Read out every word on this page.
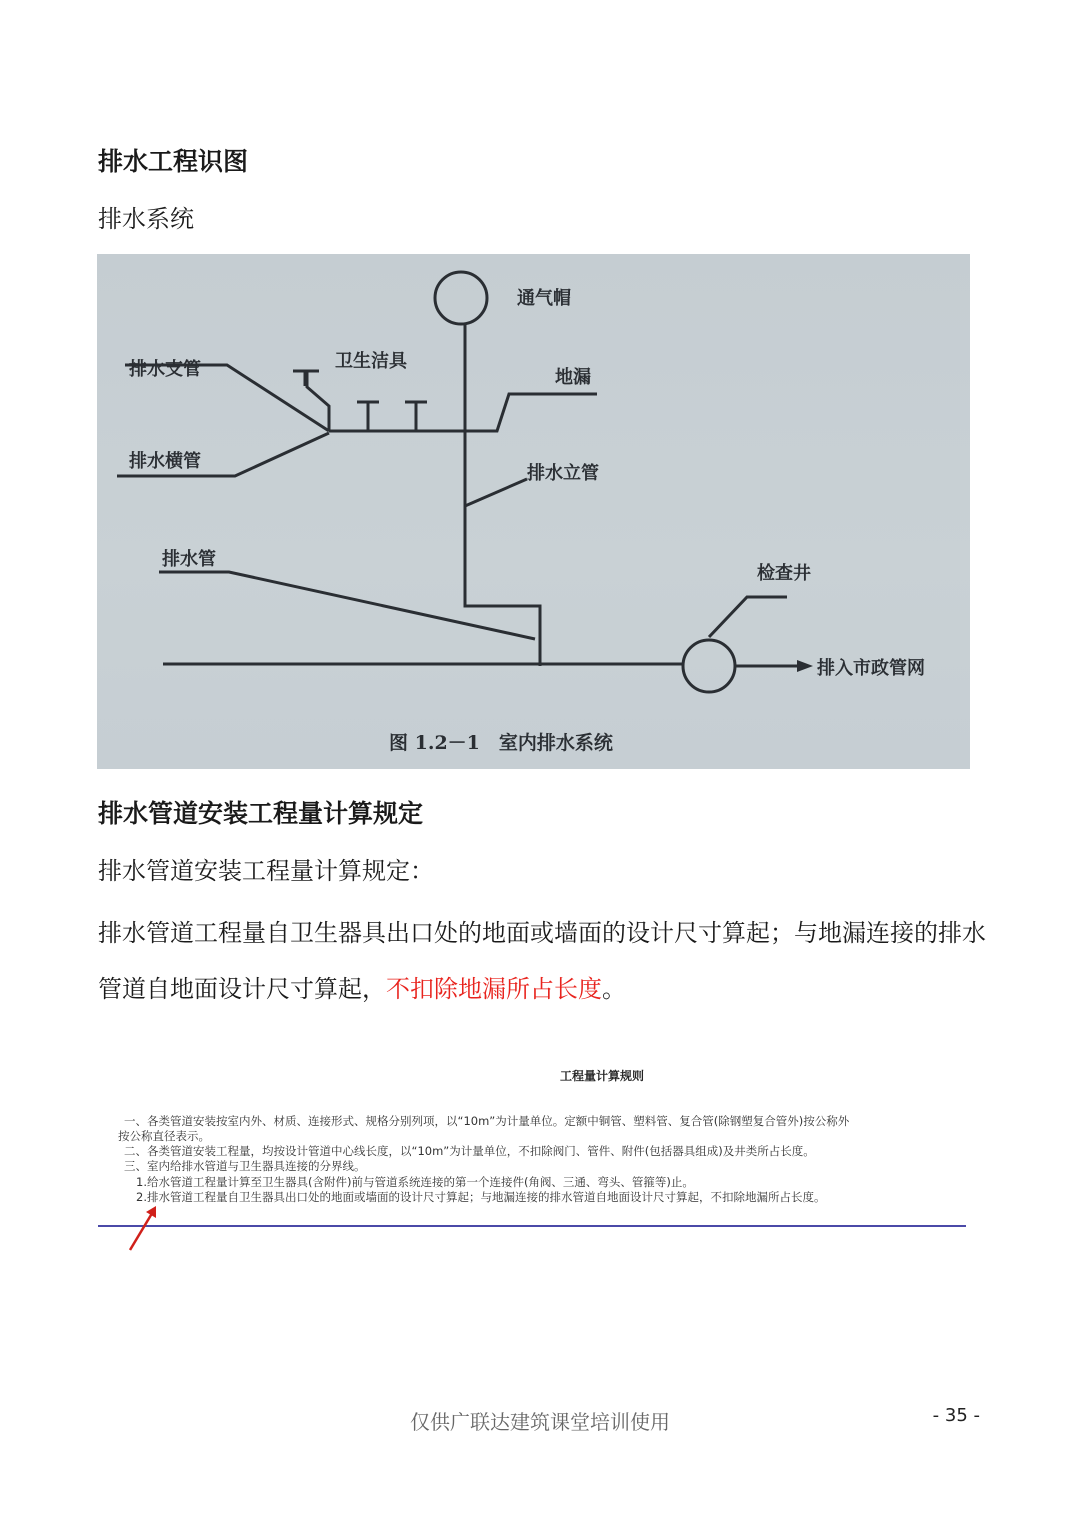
排水工程识图

排水系统

通气帽
卫生洁具
排水支管	地漏
排水横管
排水立管
排水管
检查井
排入市政管网
图 1.2－1　室内排水系统
排水管道安装工程量计算规定

排水管道安装工程量计算规定：

排水管道工程量自卫生器具出口处的地面或墙面的设计尺寸算起；与地漏连接的排水管道自地面设计尺寸算起，不扣除地漏所占长度。

工程量计算规则
一、各类管道安装按室内外、材质、连接形式、规格分别列项，以“10m”为计量单位。定额中铜管、塑料管、复合管(除钢塑复合管外)按公称外
按公称直径表示。
二、各类管道安装工程量，均按设计管道中心线长度，以“10m”为计量单位，不扣除阀门、管件、附件(包括器具组成)及井类所占长度。
三、室内给排水管道与卫生器具连接的分界线。
1.给水管道工程量计算至卫生器具(含附件)前与管道系统连接的第一个连接件(角阀、三通、弯头、管箍等)止。
2.排水管道工程量自卫生器具出口处的地面或墙面的设计尺寸算起；与地漏连接的排水管道自地面设计尺寸算起，不扣除地漏所占长度。
仅供广联达建筑课堂培训使用	- 35 -
